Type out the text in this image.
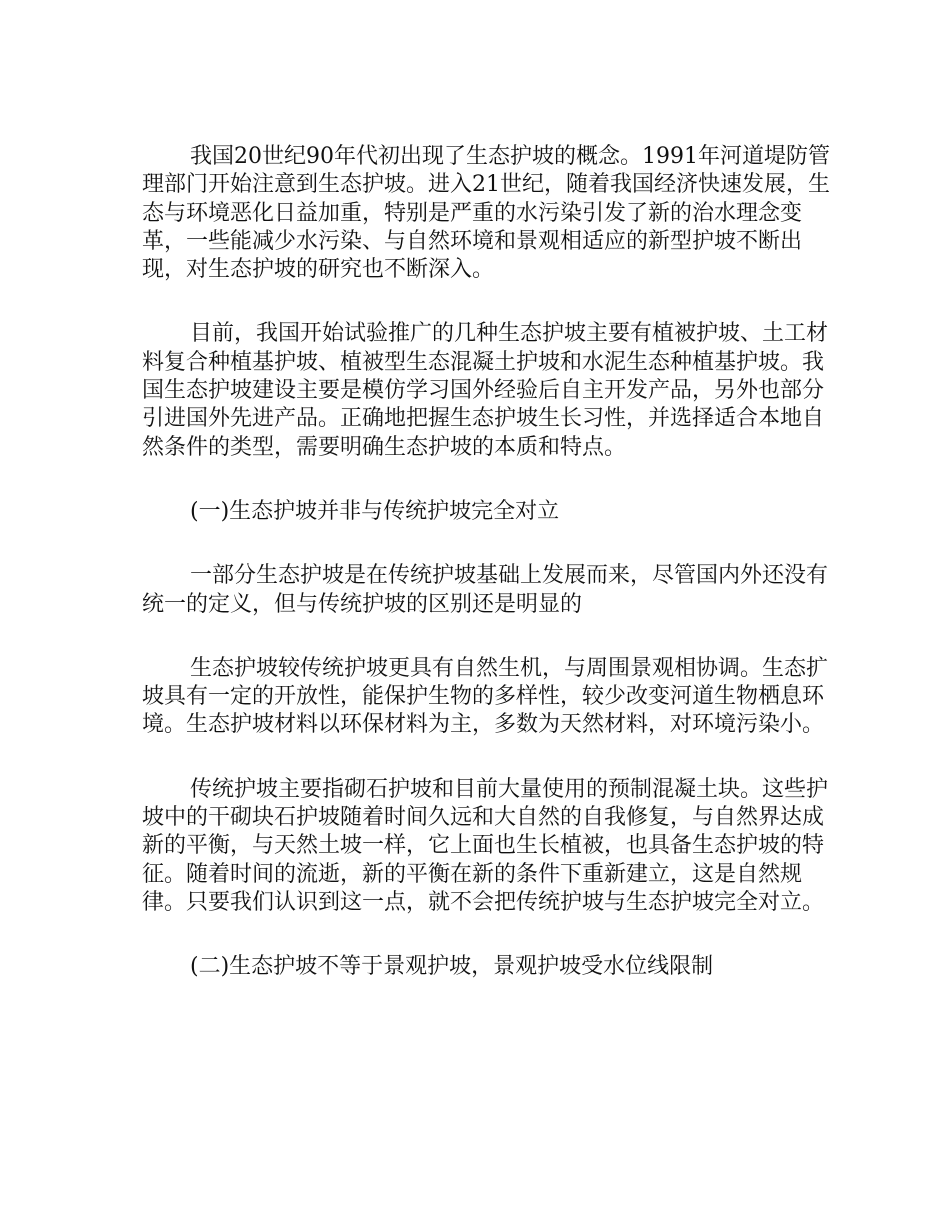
我国20世纪90年代初出现了生态护坡的概念。1991年河道堤防管理部门开始注意到生态护坡。进入21世纪，随着我国经济快速发展，生态与环境恶化日益加重，特别是严重的水污染引发了新的治水理念变革，一些能减少水污染、与自然环境和景观相适应的新型护坡不断出现，对生态护坡的研究也不断深入。

目前，我国开始试验推广的几种生态护坡主要有植被护坡、土工材料复合种植基护坡、植被型生态混凝土护坡和水泥生态种植基护坡。我国生态护坡建设主要是模仿学习国外经验后自主开发产品，另外也部分引进国外先进产品。正确地把握生态护坡生长习性，并选择适合本地自然条件的类型，需要明确生态护坡的本质和特点。

(一)生态护坡并非与传统护坡完全对立

一部分生态护坡是在传统护坡基础上发展而来，尽管国内外还没有统一的定义，但与传统护坡的区别还是明显的

生态护坡较传统护坡更具有自然生机，与周围景观相协调。生态扩坡具有一定的开放性，能保护生物的多样性，较少改变河道生物栖息环境。生态护坡材料以环保材料为主，多数为天然材料，对环境污染小。

传统护坡主要指砌石护坡和目前大量使用的预制混凝土块。这些护坡中的干砌块石护坡随着时间久远和大自然的自我修复，与自然界达成新的平衡，与天然土坡一样，它上面也生长植被，也具备生态护坡的特征。随着时间的流逝，新的平衡在新的条件下重新建立，这是自然规律。只要我们认识到这一点，就不会把传统护坡与生态护坡完全对立。

(二)生态护坡不等于景观护坡，景观护坡受水位线限制
